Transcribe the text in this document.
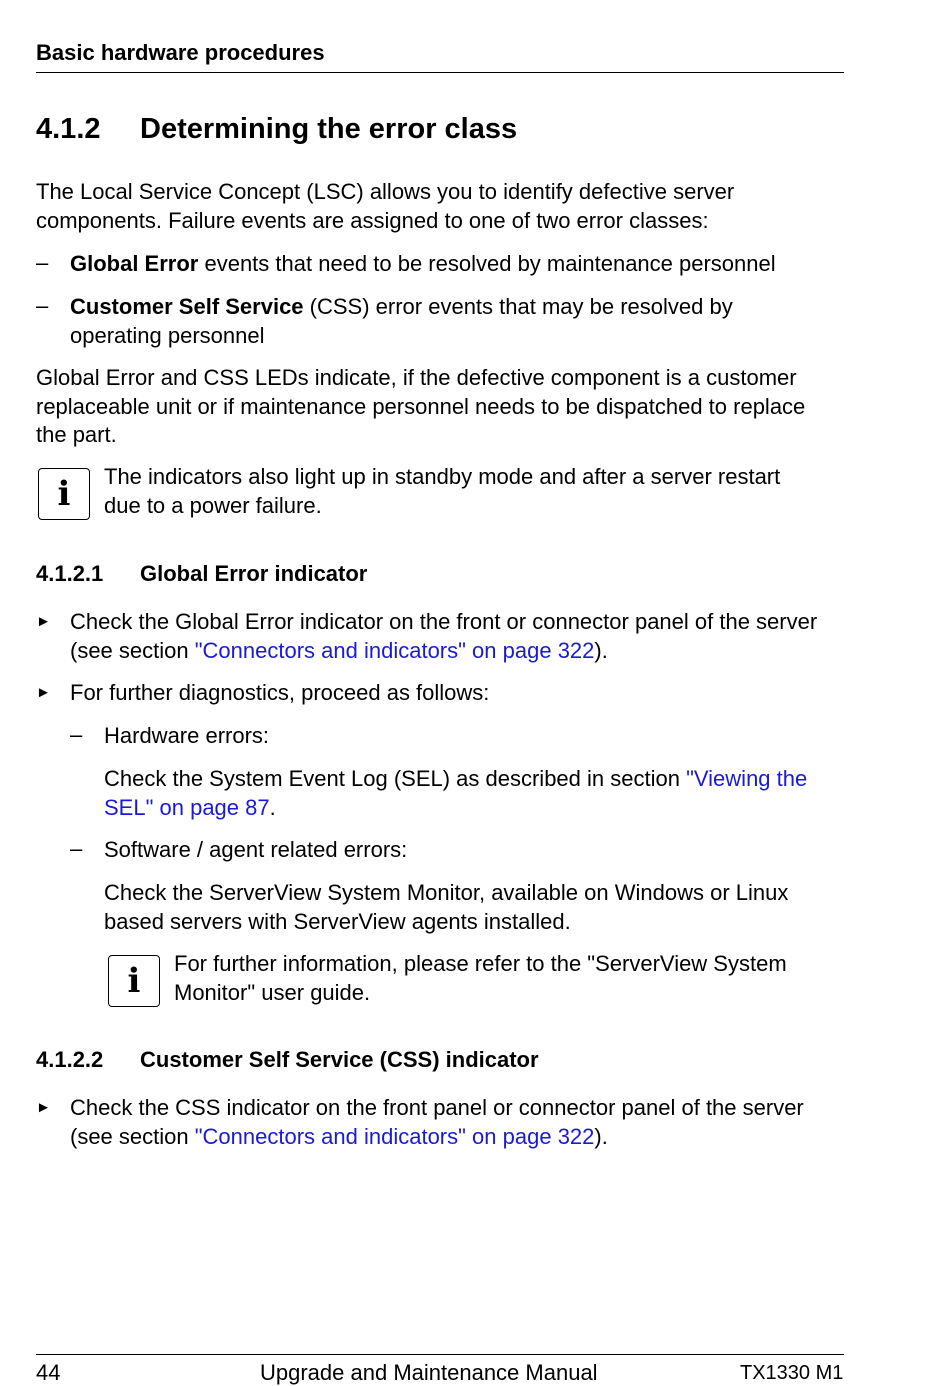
Basic hardware procedures
4.1.2 Determining the error class
The Local Service Concept (LSC) allows you to identify defective server
components. Failure events are assigned to one of two error classes:
– Global Error events that need to be resolved by maintenance personnel
– Customer Self Service (CSS) error events that may be resolved by
operating personnel
Global Error and CSS LEDs indicate, if the defective component is a customer
replaceable unit or if maintenance personnel needs to be dispatched to replace
the part.
i	The indicators also light up in standby mode and after a server restart
due to a power failure.
4.1.2.1 Global Error indicator
► Check the Global Error indicator on the front or connector panel of the server
(see section "Connectors and indicators" on page 322).
► For further diagnostics, proceed as follows:
– Hardware errors:
Check the System Event Log (SEL) as described in section "Viewing the
SEL" on page 87.
– Software / agent related errors:
Check the ServerView System Monitor, available on Windows or Linux
based servers with ServerView agents installed.
i	For further information, please refer to the "ServerView System
Monitor" user guide.
4.1.2.2 Customer Self Service (CSS) indicator
► Check the CSS indicator on the front panel or connector panel of the server
(see section "Connectors and indicators" on page 322).
44	Upgrade and Maintenance Manual	TX1330 M1
